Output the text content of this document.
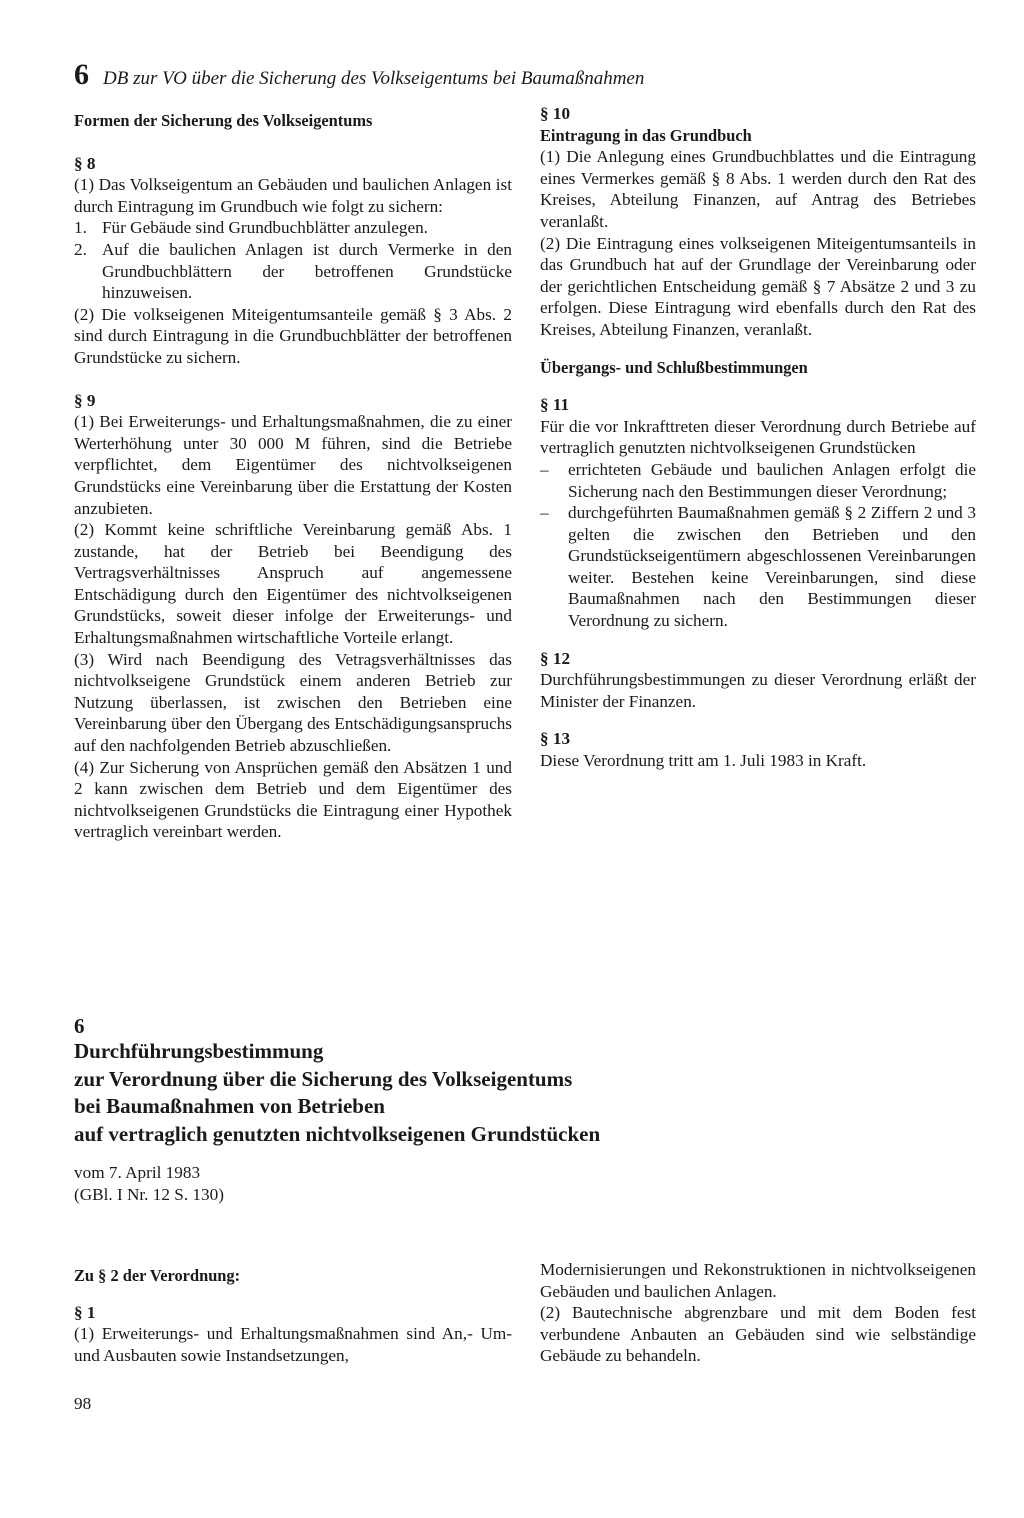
6 DB zur VO über die Sicherung des Volkseigentums bei Baumaßnahmen

Formen der Sicherung des Volkseigentums

§ 8

(1) Das Volkseigentum an Gebäuden und baulichen Anlagen ist durch Eintragung im Grundbuch wie folgt zu sichern:

1. Für Gebäude sind Grundbuchblätter anzulegen.
2. Auf die baulichen Anlagen ist durch Vermerke in den Grundbuchblättern der betroffenen Grundstücke hinzuweisen.

(2) Die volkseigenen Miteigentumsanteile gemäß § 3 Abs. 2 sind durch Eintragung in die Grundbuchblätter der betroffenen Grundstücke zu sichern.

§ 9

(1) Bei Erweiterungs- und Erhaltungsmaßnahmen, die zu einer Werterhöhung unter 30 000 M führen, sind die Betriebe verpflichtet, dem Eigentümer des nichtvolkseigenen Grundstücks eine Vereinbarung über die Erstattung der Kosten anzubieten.

(2) Kommt keine schriftliche Vereinbarung gemäß Abs. 1 zustande, hat der Betrieb bei Beendigung des Vertragsverhältnisses Anspruch auf angemessene Entschädigung durch den Eigentümer des nichtvolkseigenen Grundstücks, soweit dieser infolge der Erweiterungs- und Erhaltungsmaßnahmen wirtschaftliche Vorteile erlangt.

(3) Wird nach Beendigung des Vetragsverhältnisses das nichtvolkseigene Grundstück einem anderen Betrieb zur Nutzung überlassen, ist zwischen den Betrieben eine Vereinbarung über den Übergang des Entschädigungsanspruchs auf den nachfolgenden Betrieb abzuschließen.

(4) Zur Sicherung von Ansprüchen gemäß den Absätzen 1 und 2 kann zwischen dem Betrieb und dem Eigentümer des nichtvolkseigenen Grundstücks die Eintragung einer Hypothek vertraglich vereinbart werden.

§ 10

Eintragung in das Grundbuch

(1) Die Anlegung eines Grundbuchblattes und die Eintragung eines Vermerkes gemäß § 8 Abs. 1 werden durch den Rat des Kreises, Abteilung Finanzen, auf Antrag des Betriebes veranlaßt.

(2) Die Eintragung eines volkseigenen Miteigentumsanteils in das Grundbuch hat auf der Grundlage der Vereinbarung oder der gerichtlichen Entscheidung gemäß § 7 Absätze 2 und 3 zu erfolgen. Diese Eintragung wird ebenfalls durch den Rat des Kreises, Abteilung Finanzen, veranlaßt.

Übergangs- und Schlußbestimmungen

§ 11

Für die vor Inkrafttreten dieser Verordnung durch Betriebe auf vertraglich genutzten nichtvolkseigenen Grundstücken

–	errichteten Gebäude und baulichen Anlagen erfolgt die Sicherung nach den Bestimmungen dieser Verordnung;
–	durchgeführten Baumaßnahmen gemäß § 2 Ziffern 2 und 3 gelten die zwischen den Betrieben und den Grundstückseigentümern abgeschlossenen Vereinbarungen weiter. Bestehen keine Vereinbarungen, sind diese Baumaßnahmen nach den Bestimmungen dieser Verordnung zu sichern.

§ 12

Durchführungsbestimmungen zu dieser Verordnung erläßt der Minister der Finanzen.

§ 13

Diese Verordnung tritt am 1. Juli 1983 in Kraft.

6

Durchführungsbestimmung

zur Verordnung über die Sicherung des Volkseigentums

bei Baumaßnahmen von Betrieben

auf vertraglich genutzten nichtvolkseigenen Grundstücken

vom 7. April 1983
(GBl. I Nr. 12 S. 130)

Zu § 2 der Verordnung:

§ 1

(1) Erweiterungs- und Erhaltungsmaßnahmen sind An,- Um- und Ausbauten sowie Instandsetzungen,

Modernisierungen und Rekonstruktionen in nichtvolkseigenen Gebäuden und baulichen Anlagen.

(2) Bautechnische abgrenzbare und mit dem Boden fest verbundene Anbauten an Gebäuden sind wie selbständige Gebäude zu behandeln.

98
